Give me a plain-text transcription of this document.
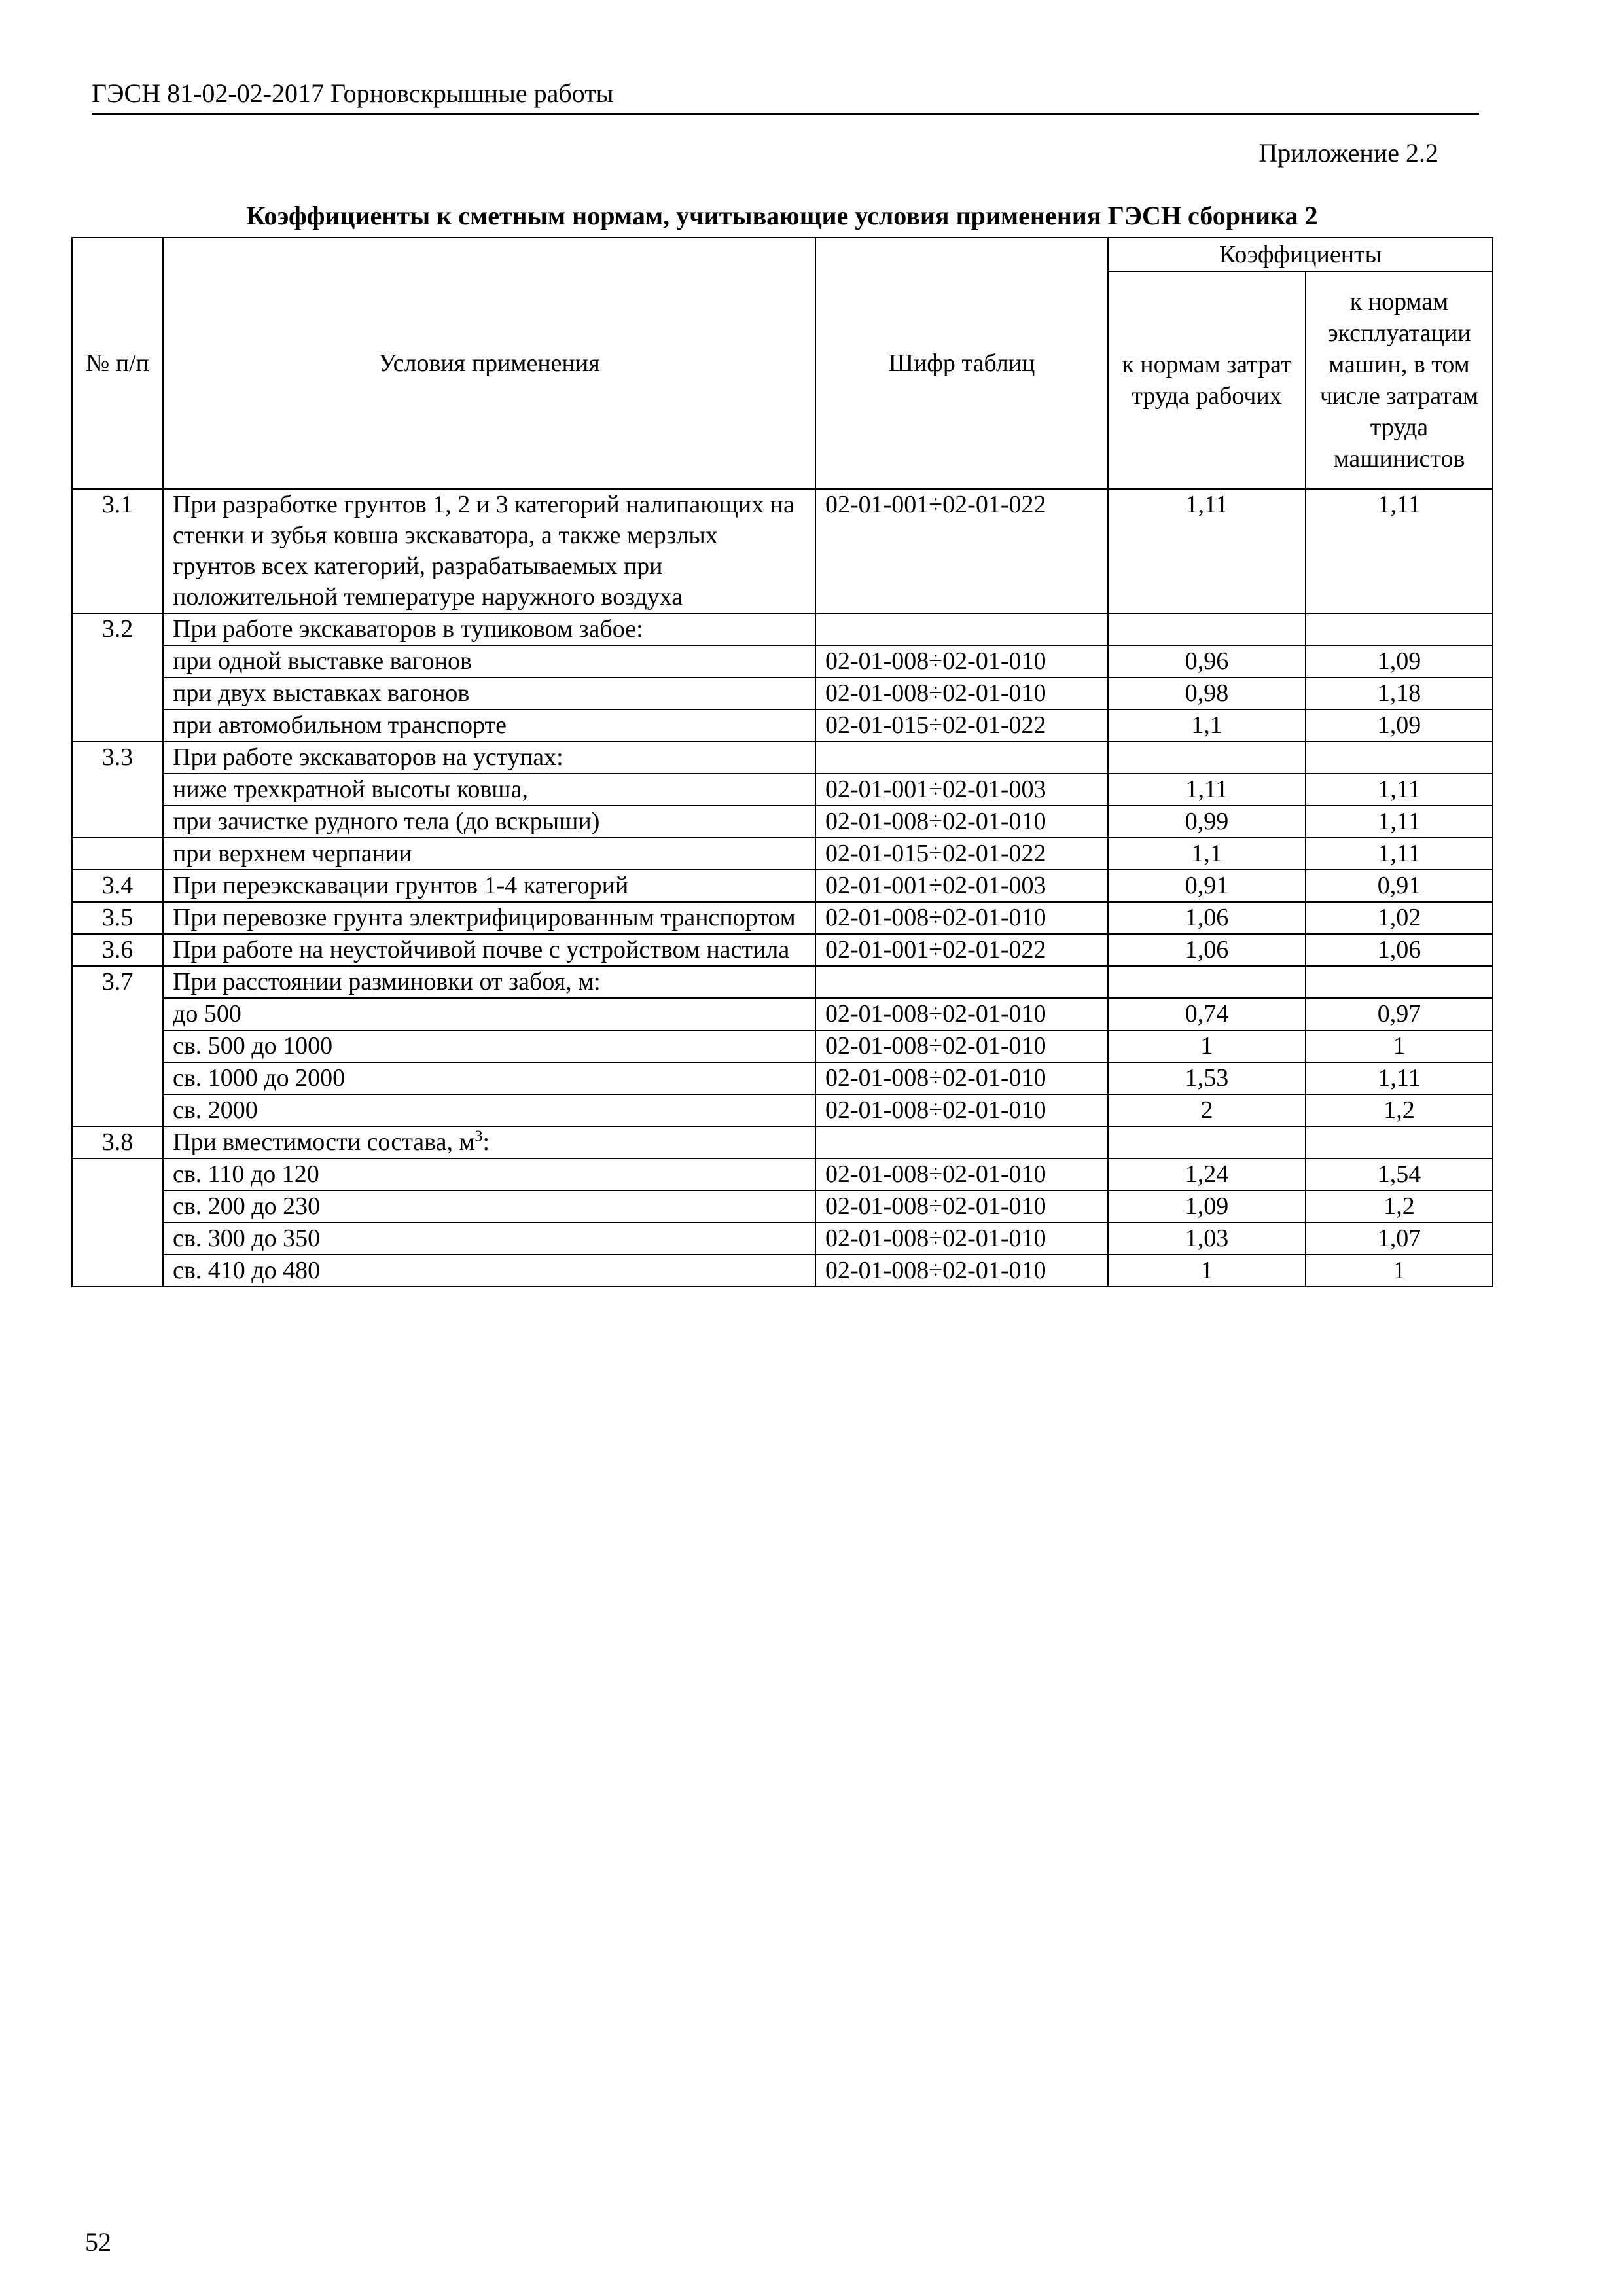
ГЭСН 81-02-02-2017 Горновскрышные работы
Приложение 2.2
Коэффициенты к сметным нормам, учитывающие условия применения ГЭСН сборника 2
№ п/п	Условия применения	Шифр таблиц	Коэффициенты	
			к нормам затрат труда рабочих	к нормам эксплуатации машин, в том числе затратам труда машинистов
3.1	При разработке грунтов 1, 2 и 3 категорий налипающих на стенки и зубья ковша экскаватора, а также мерзлых грунтов всех категорий, разрабатываемых при положительной температуре наружного воздуха	02-01-001÷02-01-022	1,11	1,11
3.2	При работе экскаваторов в тупиковом забое:			
	при одной выставке вагонов	02-01-008÷02-01-010	0,96	1,09
	при двух выставках вагонов	02-01-008÷02-01-010	0,98	1,18
	при автомобильном транспорте	02-01-015÷02-01-022	1,1	1,09
3.3	При работе экскаваторов на уступах:			
	ниже трехкратной высоты ковша,	02-01-001÷02-01-003	1,11	1,11
	при зачистке рудного тела (до вскрыши)	02-01-008÷02-01-010	0,99	1,11
	при верхнем черпании	02-01-015÷02-01-022	1,1	1,11
3.4	При переэкскавации грунтов 1-4 категорий	02-01-001÷02-01-003	0,91	0,91
3.5	При перевозке грунта электрифицированным транспортом	02-01-008÷02-01-010	1,06	1,02
3.6	При работе на неустойчивой почве с устройством настила	02-01-001÷02-01-022	1,06	1,06
3.7	При расстоянии разминовки от забоя, м:			
	до 500	02-01-008÷02-01-010	0,74	0,97
	св. 500 до 1000	02-01-008÷02-01-010	1	1
	св. 1000 до 2000	02-01-008÷02-01-010	1,53	1,11
	св. 2000	02-01-008÷02-01-010	2	1,2
3.8	При вместимости состава, $м^3$:			
	св. 110 до 120	02-01-008÷02-01-010	1,24	1,54
	св. 200 до 230	02-01-008÷02-01-010	1,09	1,2
	св. 300 до 350	02-01-008÷02-01-010	1,03	1,07
	св. 410 до 480	02-01-008÷02-01-010	1	1
52
